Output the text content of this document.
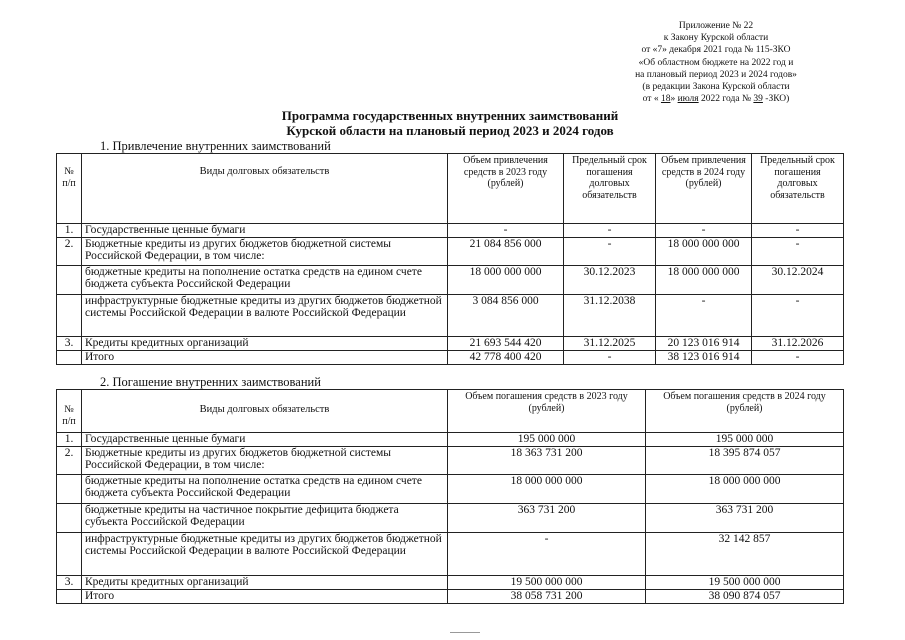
Приложение № 22
к Закону Курской области
от «7» декабря 2021 года № 115-ЗКО
«Об областном бюджете на 2022 год и
на плановый период 2023 и 2024 годов»
(в редакции Закона Курской области
от « 18» июля 2022 года № 39 -ЗКО)
Программа государственных внутренних заимствований
Курской области на плановый период 2023 и 2024 годов
1. Привлечение внутренних заимствований
№ п/п	Виды долговых обязательств	Объем привлечения средств в 2023 году (рублей)	Предельный срок погашения долговых обязательств	Объем привлечения средств в 2024 году (рублей)	Предельный срок погашения долговых обязательств
1.	Государственные ценные бумаги	-	-	-	-
2.	Бюджетные кредиты из других бюджетов бюджетной системы Российской Федерации, в том числе:	21 084 856 000	-	18 000 000 000	-
	бюджетные кредиты на пополнение остатка средств на едином счете бюджета субъекта Российской Федерации	18 000 000 000	30.12.2023	18 000 000 000	30.12.2024
	инфраструктурные бюджетные кредиты из других бюджетов бюджетной системы Российской Федерации в валюте Российской Федерации	3 084 856 000	31.12.2038	-	-
3.	Кредиты кредитных организаций	21 693 544 420	31.12.2025	20 123 016 914	31.12.2026
	Итого	42 778 400 420	-	38 123 016 914	-
2. Погашение внутренних заимствований
№ п/п	Виды долговых обязательств	Объем погашения средств в 2023 году (рублей)	Объем погашения средств в 2024 году (рублей)
1.	Государственные ценные бумаги	195 000 000	195 000 000
2.	Бюджетные кредиты из других бюджетов бюджетной системы Российской Федерации, в том числе:	18 363 731 200	18 395 874 057
	бюджетные кредиты на пополнение остатка средств на едином счете бюджета субъекта Российской Федерации	18 000 000 000	18 000 000 000
	бюджетные кредиты на частичное покрытие дефицита бюджета субъекта Российской Федерации	363 731 200	363 731 200
	инфраструктурные бюджетные кредиты из других бюджетов бюджетной системы Российской Федерации в валюте Российской Федерации	-	32 142 857
3.	Кредиты кредитных организаций	19 500 000 000	19 500 000 000
	Итого	38 058 731 200	38 090 874 057
